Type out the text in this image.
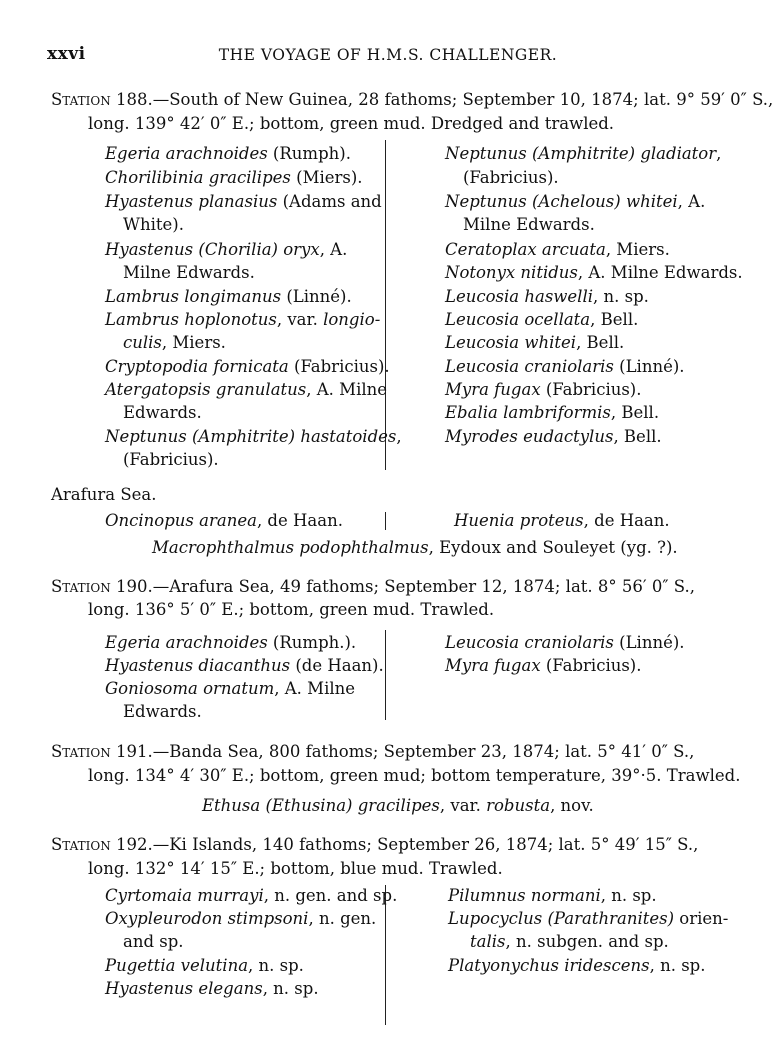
xxvi	THE VOYAGE OF H.M.S. CHALLENGER.
Station 188.—South of New Guinea, 28 fathoms; September 10, 1874; lat. 9° 59′ 0″ S.,
long. 139° 42′ 0″ E.; bottom, green mud. Dredged and trawled.
Egeria arachnoides (Rumph).
Chorilibinia gracilipes (Miers).
Hyastenus planasius (Adams and
White).
Hyastenus (Chorilia) oryx, A.
Milne Edwards.
Lambrus longimanus (Linné).
Lambrus hoplonotus, var. longio-
culis, Miers.
Cryptopodia fornicata (Fabricius).
Atergatopsis granulatus, A. Milne
Edwards.
Neptunus (Amphitrite) hastatoides,
(Fabricius).
Neptunus (Amphitrite) gladiator,
(Fabricius).
Neptunus (Achelous) whitei, A.
Milne Edwards.
Ceratoplax arcuata, Miers.
Notonyx nitidus, A. Milne Edwards.
Leucosia haswelli, n. sp.
Leucosia ocellata, Bell.
Leucosia whitei, Bell.
Leucosia craniolaris (Linné).
Myra fugax (Fabricius).
Ebalia lambriformis, Bell.
Myrodes eudactylus, Bell.
Arafura Sea.
Oncinopus aranea, de Haan.	Huenia proteus, de Haan.
Macrophthalmus podophthalmus, Eydoux and Souleyet (yg. ?).
Station 190.—Arafura Sea, 49 fathoms; September 12, 1874; lat. 8° 56′ 0″ S.,
long. 136° 5′ 0″ E.; bottom, green mud. Trawled.
Egeria arachnoides (Rumph.).
Hyastenus diacanthus (de Haan).
Goniosoma ornatum, A. Milne
Edwards.
Leucosia craniolaris (Linné).
Myra fugax (Fabricius).
Station 191.—Banda Sea, 800 fathoms; September 23, 1874; lat. 5° 41′ 0″ S.,
long. 134° 4′ 30″ E.; bottom, green mud; bottom temperature, 39°·5. Trawled.
Ethusa (Ethusina) gracilipes, var. robusta, nov.
Station 192.—Ki Islands, 140 fathoms; September 26, 1874; lat. 5° 49′ 15″ S.,
long. 132° 14′ 15″ E.; bottom, blue mud. Trawled.
Cyrtomaia murrayi, n. gen. and sp.
Oxypleurodon stimpsoni, n. gen.
and sp.
Pugettia velutina, n. sp.
Hyastenus elegans, n. sp.
Pilumnus normani, n. sp.
Lupocyclus (Parathranites) orien-
talis, n. subgen. and sp.
Platyonychus iridescens, n. sp.
